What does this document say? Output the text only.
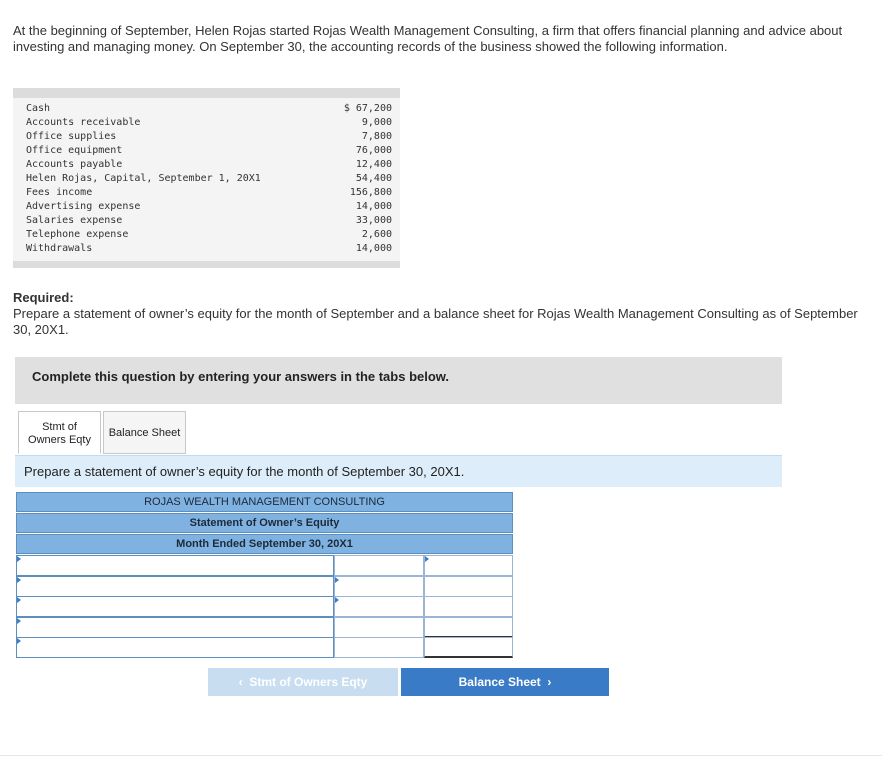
At the beginning of September, Helen Rojas started Rojas Wealth Management Consulting, a firm that offers financial planning and advice about investing and managing money. On September 30, the accounting records of the business showed the following information.
Cash	$ 67,200
Accounts receivable	9,000
Office supplies	7,800
Office equipment	76,000
Accounts payable	12,400
Helen Rojas, Capital, September 1, 20X1	54,400
Fees income	156,800
Advertising expense	14,000
Salaries expense	33,000
Telephone expense	2,600
Withdrawals	14,000
Required:
Prepare a statement of owner’s equity for the month of September and a balance sheet for Rojas Wealth Management Consulting as of September 30, 20X1.
Complete this question by entering your answers in the tabs below.
Stmt of
Owners Eqty
Balance Sheet
Prepare a statement of owner’s equity for the month of September 30, 20X1.
ROJAS WEALTH MANAGEMENT CONSULTING
Statement of Owner’s Equity
Month Ended September 30, 20X1
‹ Stmt of Owners Eqty	Balance Sheet ›
